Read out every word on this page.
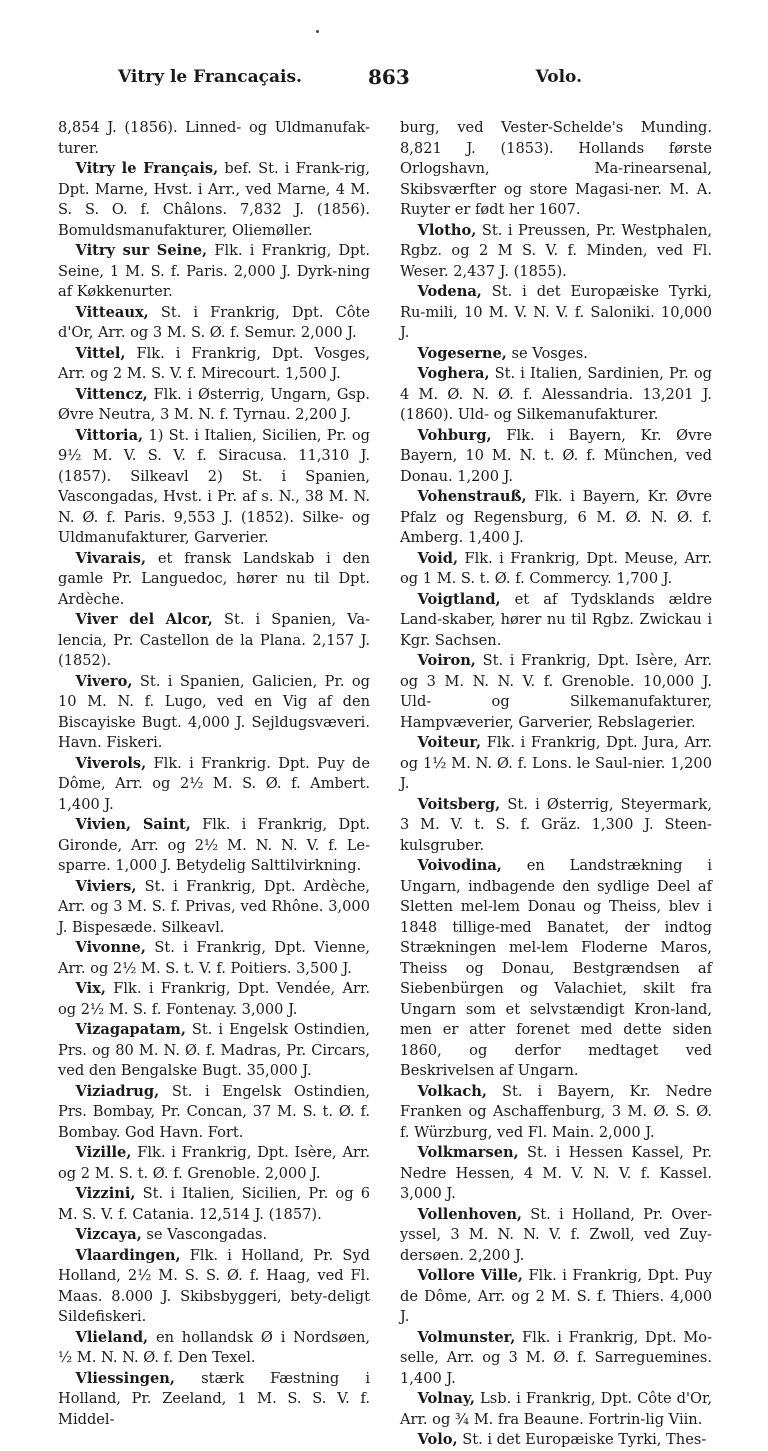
Vitry le Francaçais.	863	Volo.

8,854 J. (1856). Linned- og Uldmanufak-turer.

Vitry le Français, bef. St. i Frank-rig, Dpt. Marne, Hvst. i Arr., ved Marne, 4 M. S. S. O. f. Châlons. 7,832 J. (1856). Bomuldsmanufakturer, Oliemøller.

Vitry sur Seine, Flk. i Frankrig, Dpt. Seine, 1 M. S. f. Paris. 2,000 J. Dyrk-ning af Køkkenurter.

Vitteaux, St. i Frankrig, Dpt. Côte d'Or, Arr. og 3 M. S. Ø. f. Semur. 2,000 J.

Vittel, Flk. i Frankrig, Dpt. Vosges, Arr. og 2 M. S. V. f. Mirecourt. 1,500 J.

Vittencz, Flk. i Østerrig, Ungarn, Gsp. Øvre Neutra, 3 M. N. f. Tyrnau. 2,200 J.

Vittoria, 1) St. i Italien, Sicilien, Pr. og 9½ M. V. S. V. f. Siracusa. 11,310 J. (1857). Silkeavl 2) St. i Spanien, Vascongadas, Hvst. i Pr. af s. N., 38 M. N. N. Ø. f. Paris. 9,553 J. (1852). Silke- og Uldmanufakturer, Garverier.

Vivarais, et fransk Landskab i den gamle Pr. Languedoc, hører nu til Dpt. Ardèche.

Viver del Alcor, St. i Spanien, Va-lencia, Pr. Castellon de la Plana. 2,157 J. (1852).

Vivero, St. i Spanien, Galicien, Pr. og 10 M. N. f. Lugo, ved en Vig af den Biscayiske Bugt. 4,000 J. Sejldugsvæveri. Havn. Fiskeri.

Viverols, Flk. i Frankrig. Dpt. Puy de Dôme, Arr. og 2½ M. S. Ø. f. Ambert. 1,400 J.

Vivien, Saint, Flk. i Frankrig, Dpt. Gironde, Arr. og 2½ M. N. N. V. f. Le-sparre. 1,000 J. Betydelig Salttilvirkning.

Viviers, St. i Frankrig, Dpt. Ardèche, Arr. og 3 M. S. f. Privas, ved Rhône. 3,000 J. Bispesæde. Silkeavl.

Vivonne, St. i Frankrig, Dpt. Vienne, Arr. og 2½ M. S. t. V. f. Poitiers. 3,500 J.

Vix, Flk. i Frankrig, Dpt. Vendée, Arr. og 2½ M. S. f. Fontenay. 3,000 J.

Vizagapatam, St. i Engelsk Ostindien, Prs. og 80 M. N. Ø. f. Madras, Pr. Circars, ved den Bengalske Bugt. 35,000 J.

Viziadrug, St. i Engelsk Ostindien, Prs. Bombay, Pr. Concan, 37 M. S. t. Ø. f. Bombay. God Havn. Fort.

Vizille, Flk. i Frankrig, Dpt. Isère, Arr. og 2 M. S. t. Ø. f. Grenoble. 2,000 J.

Vizzini, St. i Italien, Sicilien, Pr. og 6 M. S. V. f. Catania. 12,514 J. (1857).

Vizcaya, se Vascongadas.

Vlaardingen, Flk. i Holland, Pr. Syd Holland, 2½ M. S. S. Ø. f. Haag, ved Fl. Maas. 8.000 J. Skibsbyggeri, bety-deligt Sildefiskeri.

Vlieland, en hollandsk Ø i Nordsøen, ½ M. N. N. Ø. f. Den Texel.

Vliessingen, stærk Fæstning i Holland, Pr. Zeeland, 1 M. S. S. V. f. Middel-

burg, ved Vester-Schelde's Munding. 8,821 J. (1853). Hollands første Orlogshavn, Ma-rinearsenal, Skibsværfter og store Magasi-ner. M. A. Ruyter er født her 1607.

Vlotho, St. i Preussen, Pr. Westphalen, Rgbz. og 2 M S. V. f. Minden, ved Fl. Weser. 2,437 J. (1855).

Vodena, St. i det Europæiske Tyrki, Ru-mili, 10 M. V. N. V. f. Saloniki. 10,000 J.

Vogeserne, se Vosges.

Voghera, St. i Italien, Sardinien, Pr. og 4 M. Ø. N. Ø. f. Alessandria. 13,201 J. (1860). Uld- og Silkemanufakturer.

Vohburg, Flk. i Bayern, Kr. Øvre Bayern, 10 M. N. t. Ø. f. München, ved Donau. 1,200 J.

Vohenstrauß, Flk. i Bayern, Kr. Øvre Pfalz og Regensburg, 6 M. Ø. N. Ø. f. Amberg. 1,400 J.

Void, Flk. i Frankrig, Dpt. Meuse, Arr. og 1 M. S. t. Ø. f. Commercy. 1,700 J.

Voigtland, et af Tydsklands ældre Land-skaber, hører nu til Rgbz. Zwickau i Kgr. Sachsen.

Voiron, St. i Frankrig, Dpt. Isère, Arr. og 3 M. N. N. V. f. Grenoble. 10,000 J. Uld- og Silkemanufakturer, Hampvæverier, Garverier, Rebslagerier.

Voiteur, Flk. i Frankrig, Dpt. Jura, Arr. og 1½ M. N. Ø. f. Lons. le Saul-nier. 1,200 J.

Voitsberg, St. i Østerrig, Steyermark, 3 M. V. t. S. f. Gräz. 1,300 J. Steen-kulsgruber.

Voivodina, en Landstrækning i Ungarn, indbagende den sydlige Deel af Sletten mel-lem Donau og Theiss, blev i 1848 tillige-med Banatet, der indtog Strækningen mel-lem Floderne Maros, Theiss og Donau, Bestgrændsen af Siebenbürgen og Valachiet, skilt fra Ungarn som et selvstændigt Kron-land, men er atter forenet med dette siden 1860, og derfor medtaget ved Beskrivelsen af Ungarn.

Volkach, St. i Bayern, Kr. Nedre Franken og Aschaffenburg, 3 M. Ø. S. Ø. f. Würzburg, ved Fl. Main. 2,000 J.

Volkmarsen, St. i Hessen Kassel, Pr. Nedre Hessen, 4 M. V. N. V. f. Kassel. 3,000 J.

Vollenhoven, St. i Holland, Pr. Over-yssel, 3 M. N. N. V. f. Zwoll, ved Zuy-dersøen. 2,200 J.

Vollore Ville, Flk. i Frankrig, Dpt. Puy de Dôme, Arr. og 2 M. S. f. Thiers. 4,000 J.

Volmunster, Flk. i Frankrig, Dpt. Mo-selle, Arr. og 3 M. Ø. f. Sarreguemines. 1,400 J.

Volnay, Lsb. i Frankrig, Dpt. Côte d'Or, Arr. og ¾ M. fra Beaune. Fortrin-lig Viin.

Volo, St. i det Europæiske Tyrki, Thes-
